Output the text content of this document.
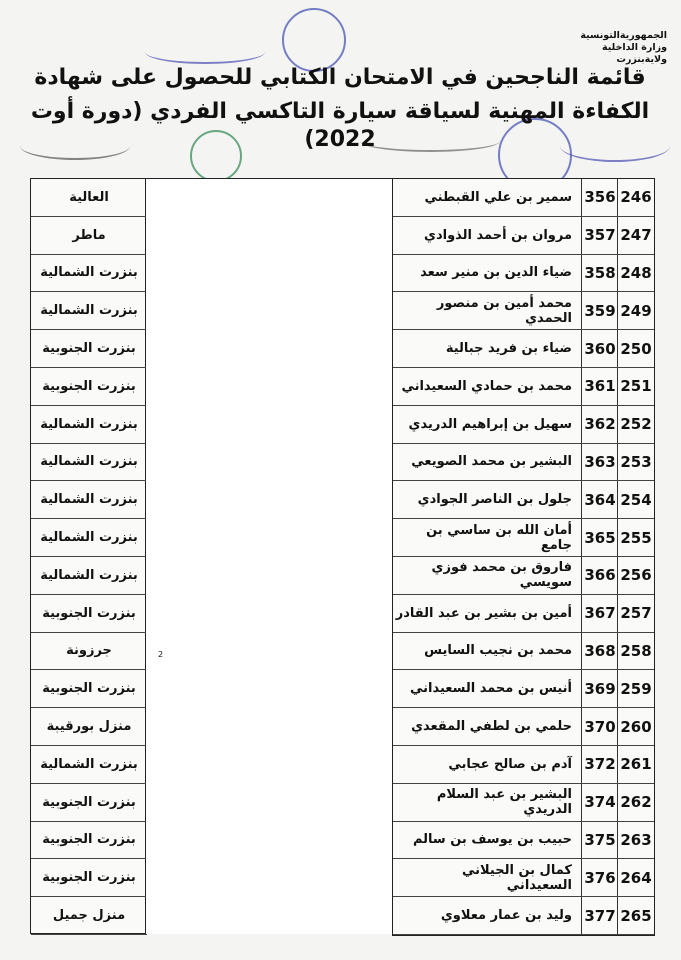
الجمهوريةالتونسية
وزارة الداخلية
ولايةبنزرت
قائمة الناجحين في الامتحان الكتابي للحصول على شهادة
الكفاءة المهنية لسياقة سيارة التاكسي الفردي (دورة أوت 2022)
العالية
ماطر
بنزرت الشمالية
بنزرت الشمالية
بنزرت الجنوبية
بنزرت الجنوبية
بنزرت الشمالية
بنزرت الشمالية
بنزرت الشمالية
بنزرت الشمالية
بنزرت الشمالية
بنزرت الجنوبية
جرزونة
بنزرت الجنوبية
منزل بورقيبة
بنزرت الشمالية
بنزرت الجنوبية
بنزرت الجنوبية
بنزرت الجنوبية
منزل جميل
2
246
356
سمير بن علي القبطني
247
357
مروان بن أحمد الذوادي
248
358
ضياء الدين بن منير سعد
249
359
محمد أمين بن منصور الحمدي
250
360
ضياء بن فريد جبالية
251
361
محمد بن حمادي السعيداني
252
362
سهيل بن إبراهيم الدريدي
253
363
البشير بن محمد الصويعي
254
364
جلول بن الناصر الجوادي
255
365
أمان الله بن ساسي بن جامع
256
366
فاروق بن محمد فوزي سويسي
257
367
أمين بن بشير بن عبد القادر
258
368
محمد بن نجيب السايس
259
369
أنيس بن محمد السعيداني
260
370
حلمي بن لطفي المقعدي
261
372
آدم بن صالح عجابي
262
374
البشير بن عبد السلام الدريدي
263
375
حبيب بن يوسف بن سالم
264
376
كمال بن الجيلاني السعيداني
265
377
وليد بن عمار معلاوي
